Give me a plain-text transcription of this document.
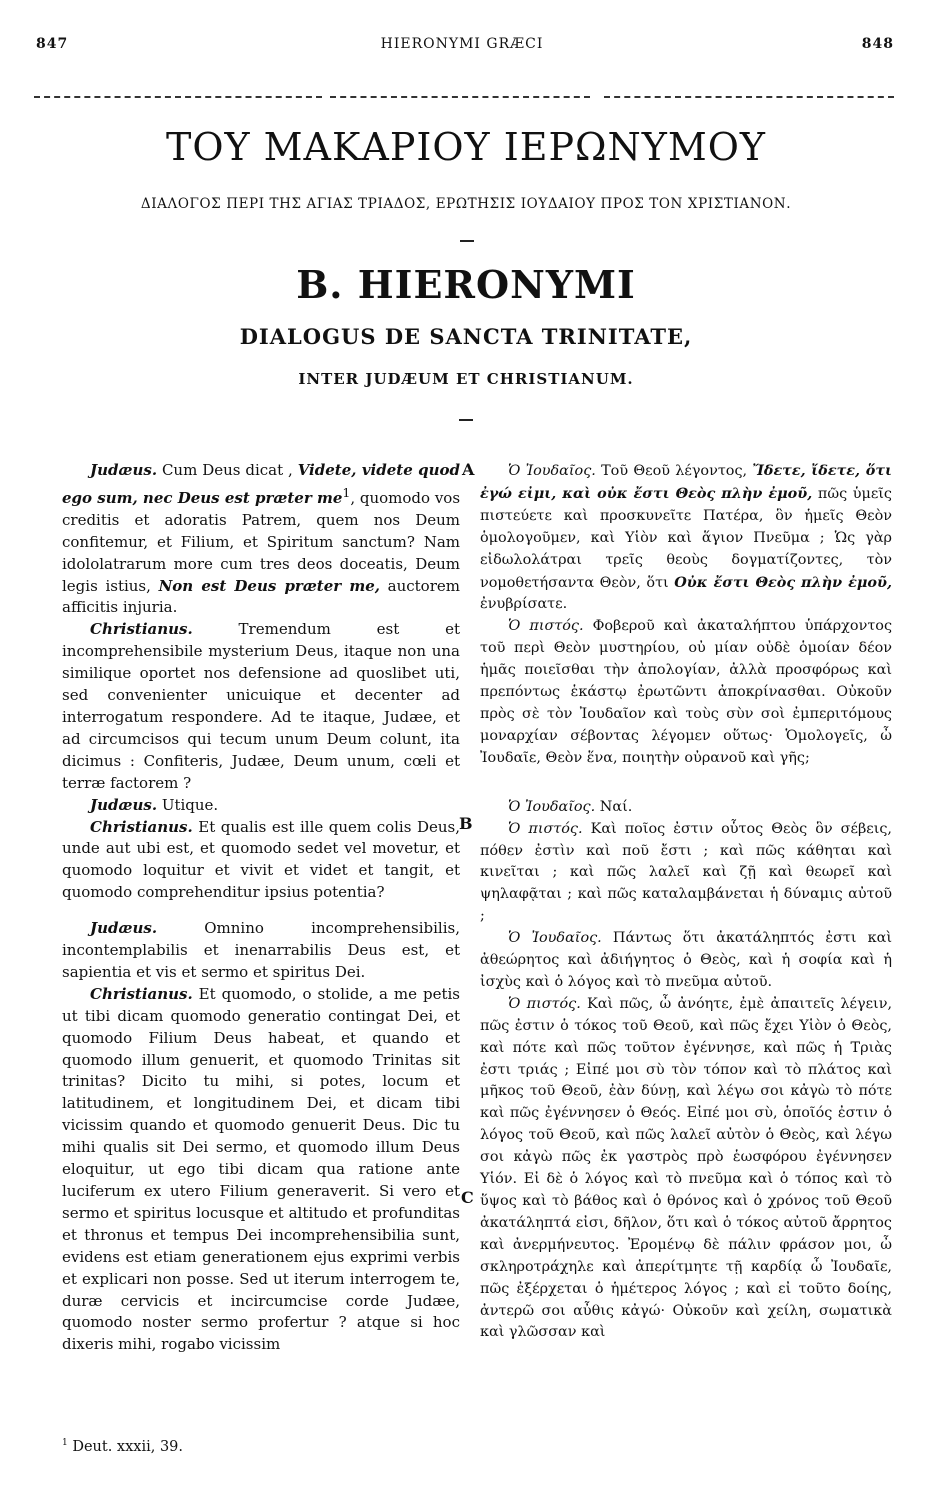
847	HIERONYMI GRÆCI	848
ΤΟΥ ΜΑΚΑΡΙΟΥ ΙΕΡΩΝΥΜΟΥ
ΔΙΑΛΟΓΟΣ ΠΕΡΙ ΤΗΣ ΑΓΙΑΣ ΤΡΙΑΔΟΣ, ΕΡΩΤΗΣΙΣ ΙΟΥΔΑΙΟΥ ΠΡΟΣ ΤΟΝ ΧΡΙΣΤΙΑΝΟΝ.
B. HIERONYMI
DIALOGUS DE SANCTA TRINITATE,
INTER JUDÆUM ET CHRISTIANUM.
A
B
C

Judæus. Cum Deus dicat , Videte, videte quod ego sum, nec Deus est præter $me^1$, quomodo vos creditis et adoratis Patrem, quem nos Deum confitemur, et Filium, et Spiritum sanctum? Nam idololatrarum more cum tres deos doceatis, Deum legis istius, Non est Deus præter me, auctorem afficitis injuria.

Christianus. Tremendum est et incomprehensibile mysterium Deus, itaque non una similique oportet nos defensione ad quoslibet uti, sed convenienter unicuique et decenter ad interrogatum respondere. Ad te itaque, Judæe, et ad circumcisos qui tecum unum Deum colunt, ita dicimus : Confiteris, Judæe, Deum unum, cœli et terræ factorem ?

Judæus. Utique.

Christianus. Et qualis est ille quem colis Deus, unde aut ubi est, et quomodo sedet vel movetur, et quomodo loquitur et vivit et videt et tangit, et quomodo comprehenditur ipsius potentia?

Judæus. Omnino incomprehensibilis, incontemplabilis et inenarrabilis Deus est, et sapientia et vis et sermo et spiritus Dei.

Christianus. Et quomodo, o stolide, a me petis ut tibi dicam quomodo generatio contingat Dei, et quomodo Filium Deus habeat, et quando et quomodo illum genuerit, et quomodo Trinitas sit trinitas? Dicito tu mihi, si potes, locum et latitudinem, et longitudinem Dei, et dicam tibi vicissim quando et quomodo genuerit Deus. Dic tu mihi qualis sit Dei sermo, et quomodo illum Deus eloquitur, ut ego tibi dicam qua ratione ante luciferum ex utero Filium generaverit. Si vero et sermo et spiritus locusque et altitudo et profunditas et thronus et tempus Dei incomprehensibilia sunt, evidens est etiam generationem ejus exprimi verbis et explicari non posse. Sed ut iterum interrogem te, duræ cervicis et incircumcise corde Judæe, quomodo noster sermo profertur ? atque si hoc dixeris mihi, rogabo vicissim

Ὁ Ἰουδαῖος. Τοῦ Θεοῦ λέγοντος, Ἴδετε, ἴδετε, ὅτι ἐγώ εἰμι, καὶ οὐκ ἔστι Θεὸς πλὴν ἐμοῦ, πῶς ὑμεῖς πιστεύετε καὶ προσκυνεῖτε Πατέρα, ὃν ἡμεῖς Θεὸν ὁμολογοῦμεν, καὶ Υἱὸν καὶ ἅγιον Πνεῦμα ; Ὡς γὰρ εἰδωλολάτραι τρεῖς θεοὺς δογματίζοντες, τὸν νομοθετήσαντα Θεὸν, ὅτι Οὐκ ἔστι Θεὸς πλὴν ἐμοῦ, ἐνυβρίσατε.

Ὁ πιστός. Φοβεροῦ καὶ ἀκαταλήπτου ὑπάρχοντος τοῦ περὶ Θεὸν μυστηρίου, οὐ μίαν οὐδὲ ὁμοίαν δέον ἡμᾶς ποιεῖσθαι τὴν ἀπολογίαν, ἀλλὰ προσφόρως καὶ πρεπόντως ἑκάστῳ ἐρωτῶντι ἀποκρίνασθαι. Οὐκοῦν πρὸς σὲ τὸν Ἰουδαῖον καὶ τοὺς σὺν σοὶ ἐμπεριτόμους μοναρχίαν σέβοντας λέγομεν οὕτως· Ὁμολογεῖς, ὦ Ἰουδαῖε, Θεὸν ἕνα, ποιητὴν οὐρανοῦ καὶ γῆς;

Ὁ Ἰουδαῖος. Ναί.

Ὁ πιστός. Καὶ ποῖος ἐστιν οὗτος Θεὸς ὃν σέβεις, πόθεν ἐστὶν καὶ ποῦ ἔστι ; καὶ πῶς κάθηται καὶ κινεῖται ; καὶ πῶς λαλεῖ καὶ ζῇ καὶ θεωρεῖ καὶ ψηλαφᾷται ; καὶ πῶς καταλαμβάνεται ἡ δύναμις αὐτοῦ ;

Ὁ Ἰουδαῖος. Πάντως ὅτι ἀκατάληπτός ἐστι καὶ ἀθεώρητος καὶ ἀδιήγητος ὁ Θεὸς, καὶ ἡ σοφία καὶ ἡ ἰσχὺς καὶ ὁ λόγος καὶ τὸ πνεῦμα αὐτοῦ.

Ὁ πιστός. Καὶ πῶς, ὦ ἀνόητε, ἐμὲ ἀπαιτεῖς λέγειν, πῶς ἐστιν ὁ τόκος τοῦ Θεοῦ, καὶ πῶς ἔχει Υἱὸν ὁ Θεὸς, καὶ πότε καὶ πῶς τοῦτον ἐγέννησε, καὶ πῶς ἡ Τριὰς ἐστι τριάς ; Εἰπέ μοι σὺ τὸν τόπον καὶ τὸ πλάτος καὶ μῆκος τοῦ Θεοῦ, ἐὰν δύνῃ, καὶ λέγω σοι κἀγὼ τὸ πότε καὶ πῶς ἐγέννησεν ὁ Θεός. Εἰπέ μοι σὺ, ὁποῖός ἐστιν ὁ λόγος τοῦ Θεοῦ, καὶ πῶς λαλεῖ αὐτὸν ὁ Θεὸς, καὶ λέγω σοι κἀγὼ πῶς ἐκ γαστρὸς πρὸ ἑωσφόρου ἐγέννησεν Υἱόν. Εἰ δὲ ὁ λόγος καὶ τὸ πνεῦμα καὶ ὁ τόπος καὶ τὸ ὕψος καὶ τὸ βάθος καὶ ὁ θρόνος καὶ ὁ χρόνος τοῦ Θεοῦ ἀκατάληπτά εἰσι, δῆλον, ὅτι καὶ ὁ τόκος αὐτοῦ ἄρρητος καὶ ἀνερμήνευτος. Ἐρομένῳ δὲ πάλιν φράσον μοι, ὦ σκληροτράχηλε καὶ ἀπερίτμητε τῇ καρδίᾳ ὦ Ἰουδαῖε, πῶς ἐξέρχεται ὁ ἡμέτερος λόγος ; καὶ εἰ τοῦτο δοίης, ἀντερῶ σοι αὖθις κἀγώ· Οὐκοῦν καὶ χείλη, σωματικὰ καὶ γλῶσσαν καὶ

$^1$ Deut. xxxii, 39.
